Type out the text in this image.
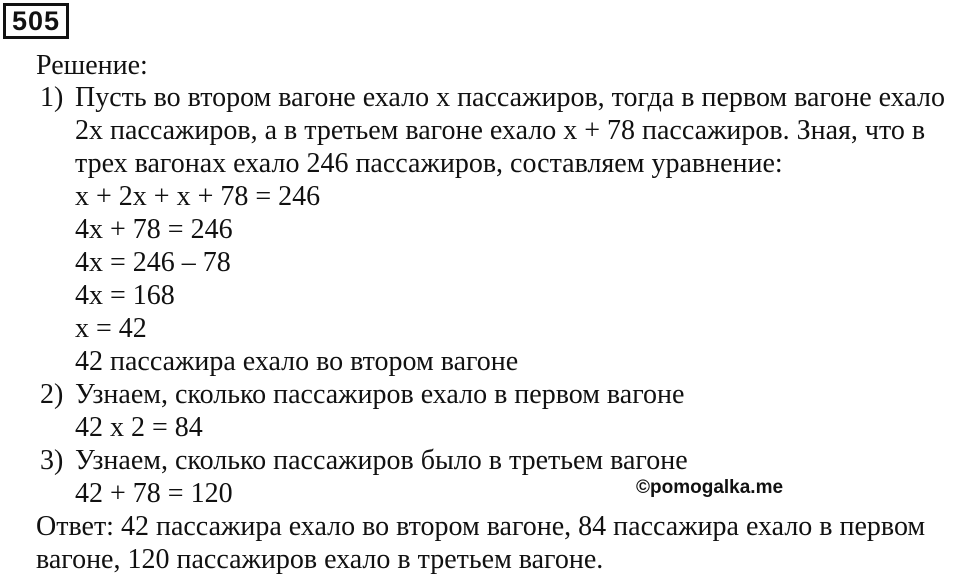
505
Решение:
1) Пусть во втором вагоне ехало х пассажиров, тогда в первом вагоне ехало
2х пассажиров, а в третьем вагоне ехало х + 78 пассажиров. Зная, что в
трех вагонах ехало 246 пассажиров, составляем уравнение:
х + 2х + х + 78 = 246
4х + 78 = 246
4х = 246 – 78
4х = 168
х = 42
42 пассажира ехало во втором вагоне
2) Узнаем, сколько пассажиров ехало в первом вагоне
42 х 2 = 84
3) Узнаем, сколько пассажиров было в третьем вагоне
42 + 78 = 120	©pomogalka.me
Ответ: 42 пассажира ехало во втором вагоне, 84 пассажира ехало в первом
вагоне, 120 пассажиров ехало в третьем вагоне.
